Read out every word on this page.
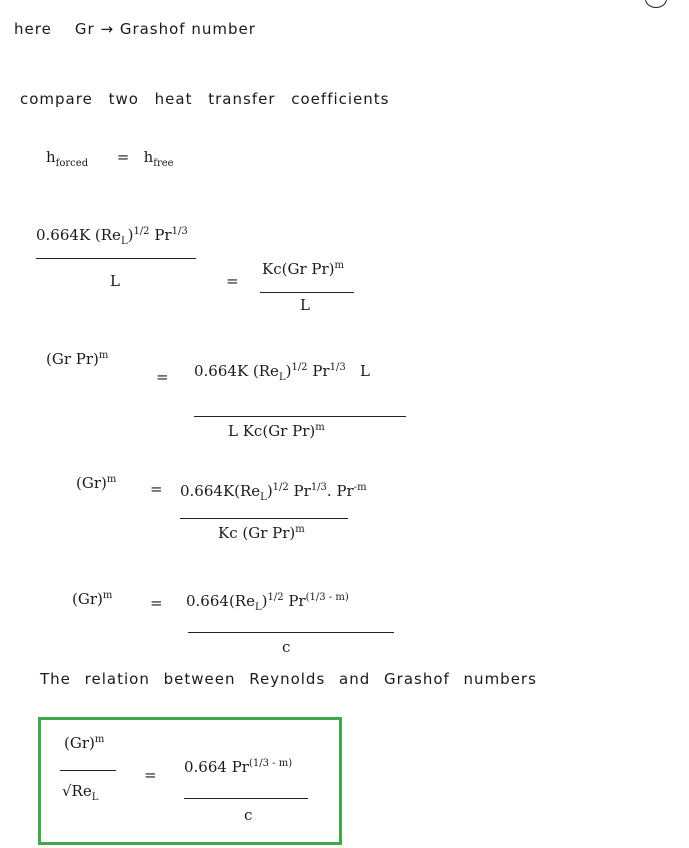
here Gr → Grashof number
compare two heat transfer coefficients
$h_{forced} = h_{free}$
0.664K $(Re_L)^{1/2}$ $Pr^{1/3}$
L	=
Kc(Gr Pr)$^m$
L
(Gr Pr)$^m$
= 0.664K $(Re_L)^{1/2}$ $Pr^{1/3}$ L
L Kc(Gr Pr)$^m$
$(Gr)^m$
= $0.664K(Re_L)^{1/2}$ $Pr^{1/3}$. $Pr^{-m}$
Kc (Gr Pr)$^m$
$(Gr)^m$	= $0.664(Re_L)^{1/2}$ $Pr^{(1/3 - m)}$
c
The relation between Reynolds and Grashof numbers
$(Gr)^m$
$√Re_L$
= 0.664 $Pr^{(1/3 - m)}$
c
